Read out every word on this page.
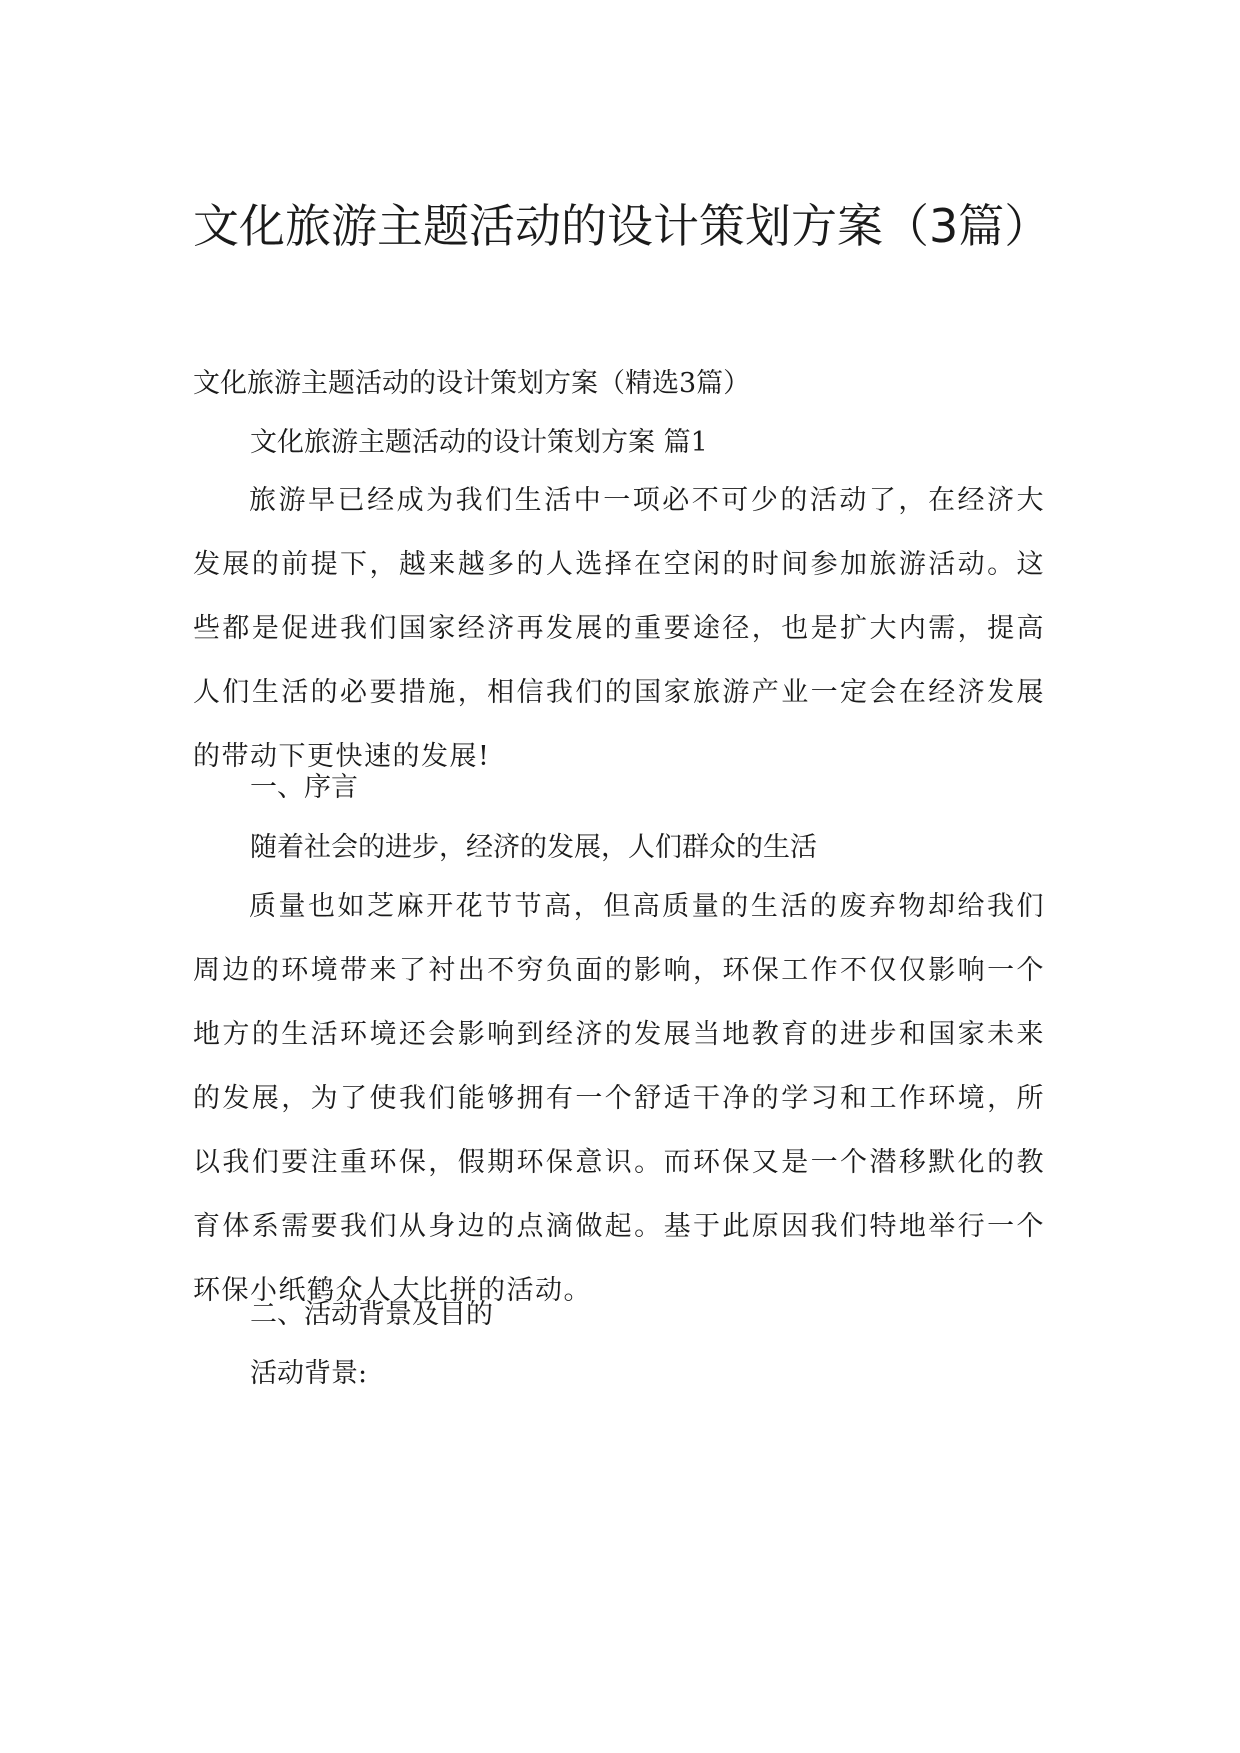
文化旅游主题活动的设计策划方案（3篇）

文化旅游主题活动的设计策划方案（精选3篇）

文化旅游主题活动的设计策划方案 篇1

旅游早已经成为我们生活中一项必不可少的活动了，在经济大发展的前提下，越来越多的人选择在空闲的时间参加旅游活动。这些都是促进我们国家经济再发展的重要途径，也是扩大内需，提高人们生活的必要措施，相信我们的国家旅游产业一定会在经济发展的带动下更快速的发展!

一、序言

随着社会的进步，经济的发展，人们群众的生活

质量也如芝麻开花节节高，但高质量的生活的废弃物却给我们周边的环境带来了衬出不穷负面的影响，环保工作不仅仅影响一个地方的生活环境还会影响到经济的发展当地教育的进步和国家未来的发展，为了使我们能够拥有一个舒适干净的学习和工作环境，所以我们要注重环保，假期环保意识。而环保又是一个潜移默化的教育体系需要我们从身边的点滴做起。基于此原因我们特地举行一个环保小纸鹤众人大比拼的活动。

二、活动背景及目的

活动背景:
